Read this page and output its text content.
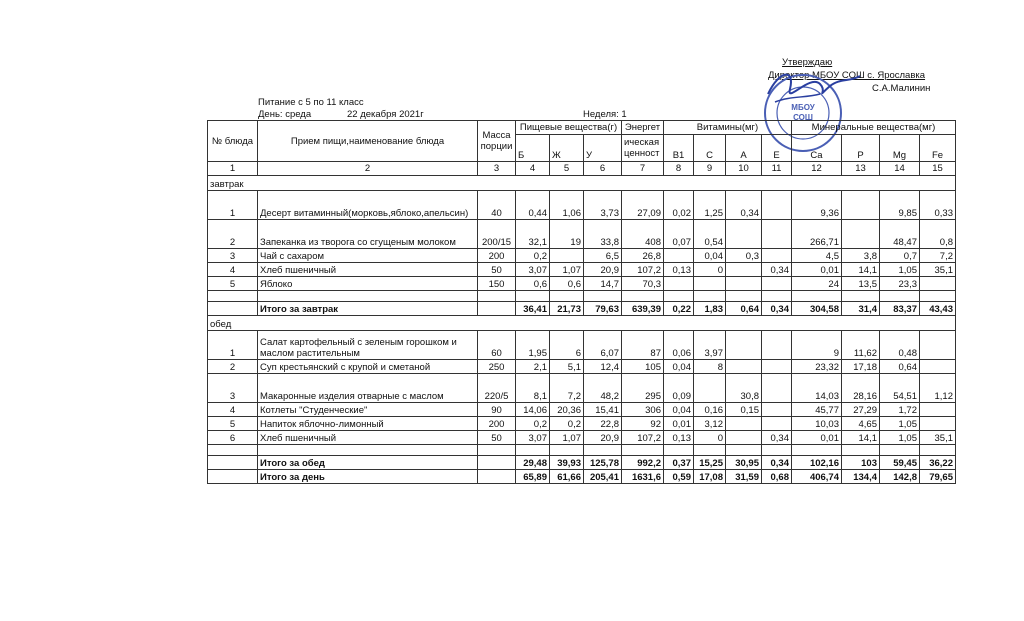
Утверждаю
Директор МБОУ СОШ с. Ярославка
С.А.Малинин
МБОУ
СОШ
Питание с 5 по 11 класс
День: среда	22 декабря 2021г	Неделя: 1
№ блюда	Прием пищи,наименование блюда	Масса порции	Пищевые вещества(г)			Энергет	Витамины(мг)				Минеральные вещества(мг)			
			Б	Ж	У	ическая ценност	B1	C	A	E	Ca	P	Mg	Fe
1	2	3	4	5	6	7	8	9	10	11	12	13	14	15
завтрак														
1	Десерт витаминный(морковь,яблоко,апельсин)	40	0,44	1,06	3,73	27,09	0,02	1,25	0,34		9,36		9,85	0,33
2	Запеканка из творога со сгущеным молоком	200/15	32,1	19	33,8	408	0,07	0,54			266,71		48,47	0,8
3	Чай с сахаром	200	0,2		6,5	26,8		0,04	0,3		4,5	3,8	0,7	7,2
4	Хлеб пшеничный	50	3,07	1,07	20,9	107,2	0,13	0		0,34	0,01	14,1	1,05	35,1
5	Яблоко	150	0,6	0,6	14,7	70,3					24	13,5	23,3	

	Итого за завтрак		36,41	21,73	79,63	639,39	0,22	1,83	0,64	0,34	304,58	31,4	83,37	43,43
обед														
1	Салат картофельный с зеленым горошком и маслом растительным	60	1,95	6	6,07	87	0,06	3,97			9	11,62	0,48	
2	Суп крестьянский с крупой и сметаной	250	2,1	5,1	12,4	105	0,04	8			23,32	17,18	0,64	
3	Макаронные изделия отварные с маслом	220/5	8,1	7,2	48,2	295	0,09		30,8		14,03	28,16	54,51	1,12
4	Котлеты "Студенческие"	90	14,06	20,36	15,41	306	0,04	0,16	0,15		45,77	27,29	1,72	
5	Напиток яблочно-лимонный	200	0,2	0,2	22,8	92	0,01	3,12			10,03	4,65	1,05	
6	Хлеб пшеничный	50	3,07	1,07	20,9	107,2	0,13	0		0,34	0,01	14,1	1,05	35,1

	Итого за обед		29,48	39,93	125,78	992,2	0,37	15,25	30,95	0,34	102,16	103	59,45	36,22
	Итого за день		65,89	61,66	205,41	1631,6	0,59	17,08	31,59	0,68	406,74	134,4	142,8	79,65
